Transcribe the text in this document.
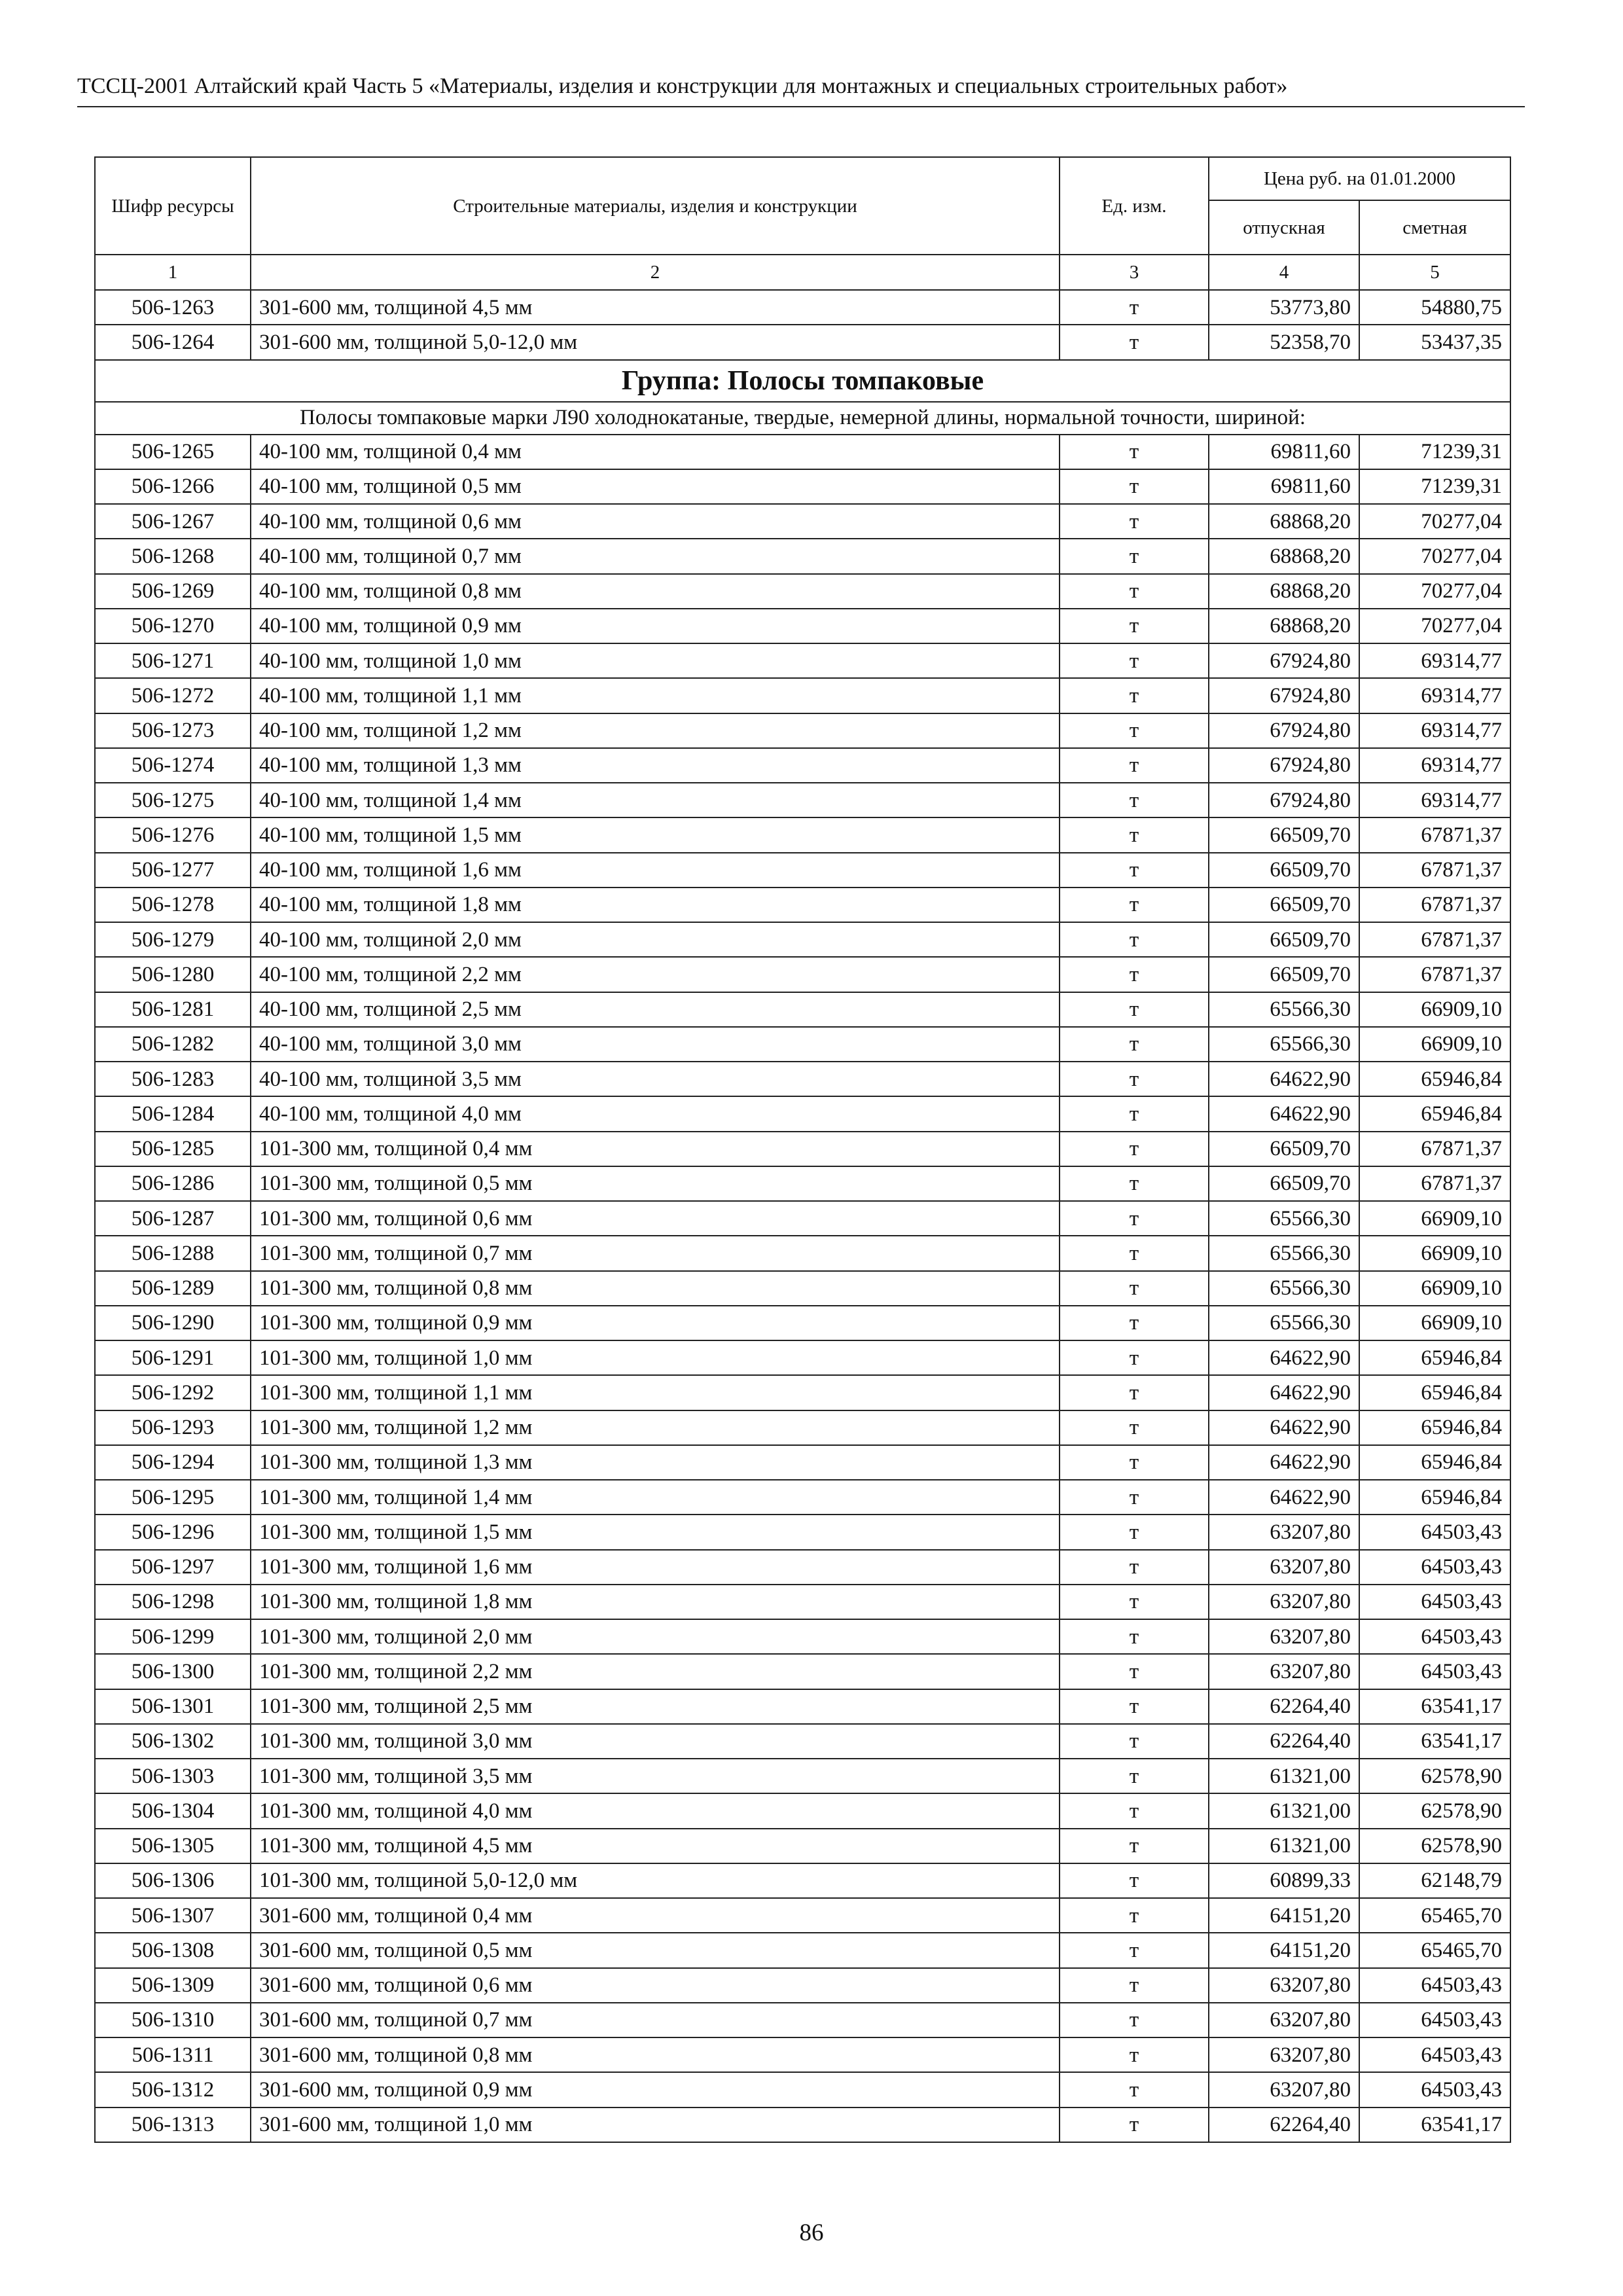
ТССЦ-2001 Алтайский край Часть 5 «Материалы, изделия и конструкции для монтажных и специальных строительных работ»
Шифр ресурсы	Строительные материалы, изделия и конструкции	Ед. изм.	Цена руб. на 01.01.2000	
			отпускная	сметная
1	2	3	4	5
506-1263	301-600 мм, толщиной 4,5 мм	т	53773,80	54880,75
506-1264	301-600 мм, толщиной 5,0-12,0 мм	т	52358,70	53437,35
Группа: Полосы томпаковые				
Полосы томпаковые марки Л90 холоднокатаные, твердые, немерной длины, нормальной точности, шириной:				
506-1265	40-100 мм, толщиной 0,4 мм	т	69811,60	71239,31
506-1266	40-100 мм, толщиной 0,5 мм	т	69811,60	71239,31
506-1267	40-100 мм, толщиной 0,6 мм	т	68868,20	70277,04
506-1268	40-100 мм, толщиной 0,7 мм	т	68868,20	70277,04
506-1269	40-100 мм, толщиной 0,8 мм	т	68868,20	70277,04
506-1270	40-100 мм, толщиной 0,9 мм	т	68868,20	70277,04
506-1271	40-100 мм, толщиной 1,0 мм	т	67924,80	69314,77
506-1272	40-100 мм, толщиной 1,1 мм	т	67924,80	69314,77
506-1273	40-100 мм, толщиной 1,2 мм	т	67924,80	69314,77
506-1274	40-100 мм, толщиной 1,3 мм	т	67924,80	69314,77
506-1275	40-100 мм, толщиной 1,4 мм	т	67924,80	69314,77
506-1276	40-100 мм, толщиной 1,5 мм	т	66509,70	67871,37
506-1277	40-100 мм, толщиной 1,6 мм	т	66509,70	67871,37
506-1278	40-100 мм, толщиной 1,8 мм	т	66509,70	67871,37
506-1279	40-100 мм, толщиной 2,0 мм	т	66509,70	67871,37
506-1280	40-100 мм, толщиной 2,2 мм	т	66509,70	67871,37
506-1281	40-100 мм, толщиной 2,5 мм	т	65566,30	66909,10
506-1282	40-100 мм, толщиной 3,0 мм	т	65566,30	66909,10
506-1283	40-100 мм, толщиной 3,5 мм	т	64622,90	65946,84
506-1284	40-100 мм, толщиной 4,0 мм	т	64622,90	65946,84
506-1285	101-300 мм, толщиной 0,4 мм	т	66509,70	67871,37
506-1286	101-300 мм, толщиной 0,5 мм	т	66509,70	67871,37
506-1287	101-300 мм, толщиной 0,6 мм	т	65566,30	66909,10
506-1288	101-300 мм, толщиной 0,7 мм	т	65566,30	66909,10
506-1289	101-300 мм, толщиной 0,8 мм	т	65566,30	66909,10
506-1290	101-300 мм, толщиной 0,9 мм	т	65566,30	66909,10
506-1291	101-300 мм, толщиной 1,0 мм	т	64622,90	65946,84
506-1292	101-300 мм, толщиной 1,1 мм	т	64622,90	65946,84
506-1293	101-300 мм, толщиной 1,2 мм	т	64622,90	65946,84
506-1294	101-300 мм, толщиной 1,3 мм	т	64622,90	65946,84
506-1295	101-300 мм, толщиной 1,4 мм	т	64622,90	65946,84
506-1296	101-300 мм, толщиной 1,5 мм	т	63207,80	64503,43
506-1297	101-300 мм, толщиной 1,6 мм	т	63207,80	64503,43
506-1298	101-300 мм, толщиной 1,8 мм	т	63207,80	64503,43
506-1299	101-300 мм, толщиной 2,0 мм	т	63207,80	64503,43
506-1300	101-300 мм, толщиной 2,2 мм	т	63207,80	64503,43
506-1301	101-300 мм, толщиной 2,5 мм	т	62264,40	63541,17
506-1302	101-300 мм, толщиной 3,0 мм	т	62264,40	63541,17
506-1303	101-300 мм, толщиной 3,5 мм	т	61321,00	62578,90
506-1304	101-300 мм, толщиной 4,0 мм	т	61321,00	62578,90
506-1305	101-300 мм, толщиной 4,5 мм	т	61321,00	62578,90
506-1306	101-300 мм, толщиной 5,0-12,0 мм	т	60899,33	62148,79
506-1307	301-600 мм, толщиной 0,4 мм	т	64151,20	65465,70
506-1308	301-600 мм, толщиной 0,5 мм	т	64151,20	65465,70
506-1309	301-600 мм, толщиной 0,6 мм	т	63207,80	64503,43
506-1310	301-600 мм, толщиной 0,7 мм	т	63207,80	64503,43
506-1311	301-600 мм, толщиной 0,8 мм	т	63207,80	64503,43
506-1312	301-600 мм, толщиной 0,9 мм	т	63207,80	64503,43
506-1313	301-600 мм, толщиной 1,0 мм	т	62264,40	63541,17
86
